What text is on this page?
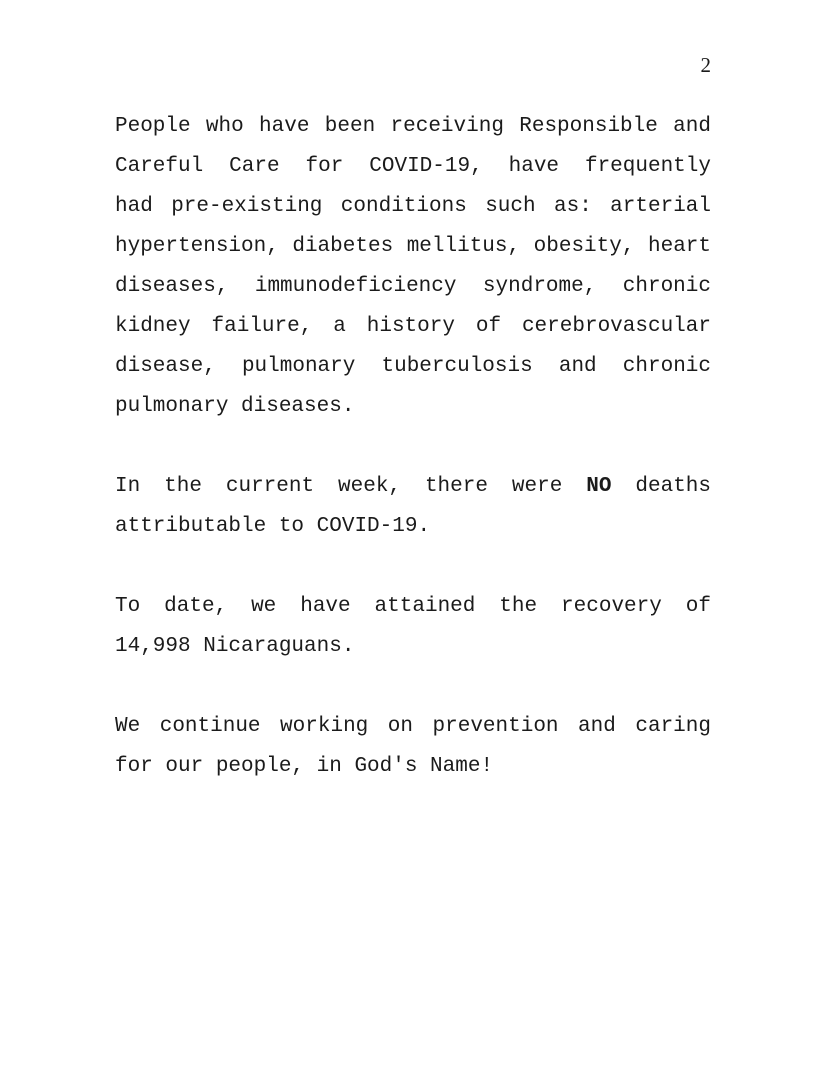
2
People who have been receiving Responsible and
Careful Care for COVID-19, have frequently
had pre-existing conditions such as: arterial
hypertension, diabetes mellitus, obesity, heart
diseases, immunodeficiency syndrome, chronic
kidney failure, a history of cerebrovascular
disease, pulmonary tuberculosis and chronic
pulmonary diseases.
In the current week, there were NO deaths
attributable to COVID-19.
To date, we have attained the recovery of
14,998 Nicaraguans.
We continue working on prevention and caring
for our people, in God's Name!
